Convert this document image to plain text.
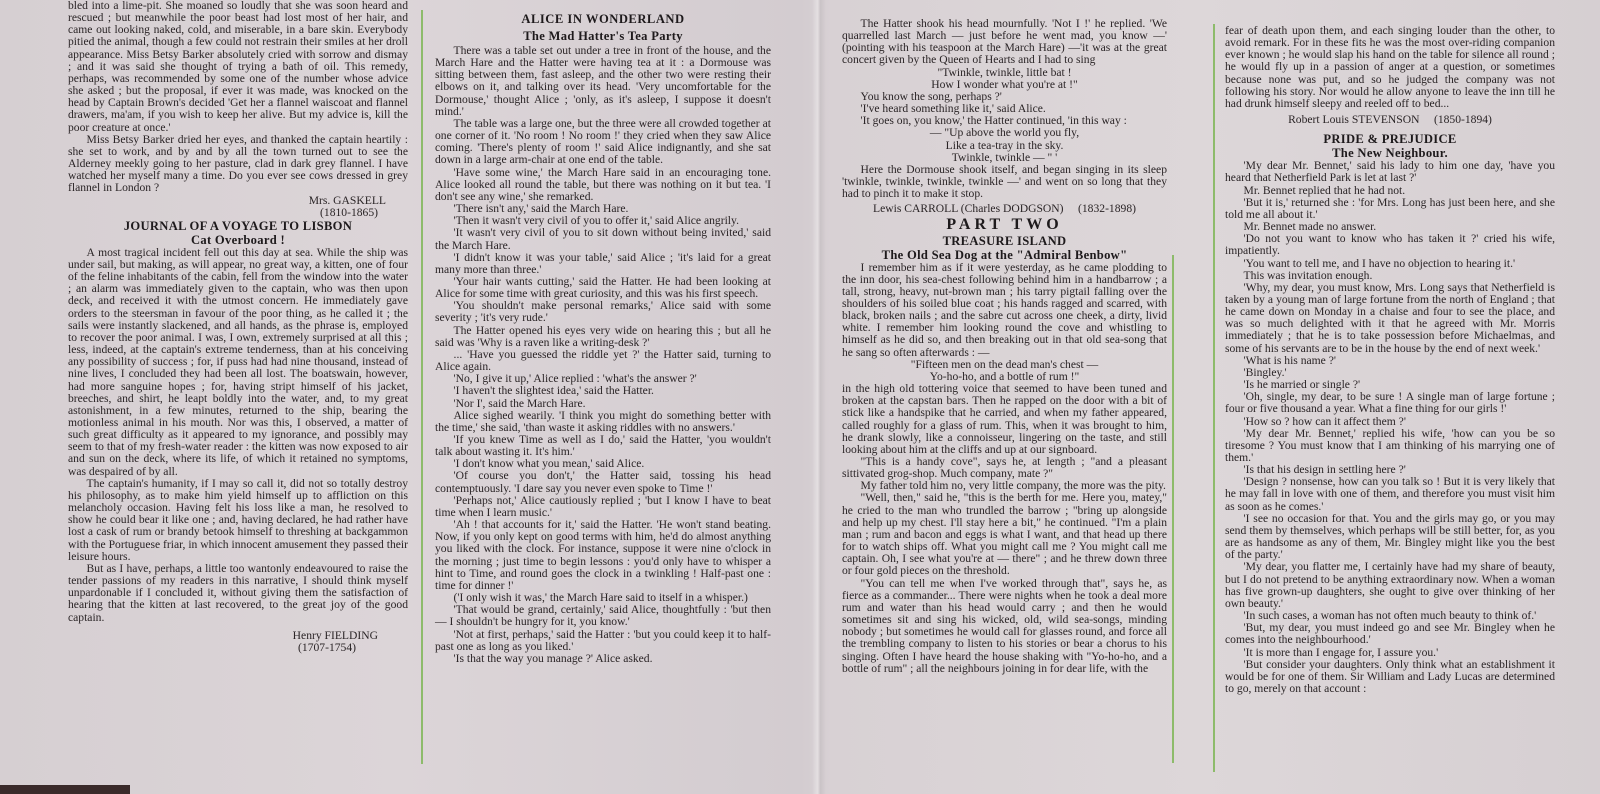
bled into a lime-pit. She moaned so loudly that she was soon heard and rescued ; but meanwhile the poor beast had lost most of her hair, and came out looking naked, cold, and miserable, in a bare skin. Everybody pitied the animal, though a few could not restrain their smiles at her droll appearance. Miss Betsy Barker absolutely cried with sorrow and dismay ; and it was said she thought of trying a bath of oil. This remedy, perhaps, was recommended by some one of the number whose advice she asked ; but the proposal, if ever it was made, was knocked on the head by Captain Brown's decided 'Get her a flannel waiscoat and flannel drawers, ma'am, if you wish to keep her alive. But my advice is, kill the poor creature at once.'

Miss Betsy Barker dried her eyes, and thanked the captain heartily : she set to work, and by and by all the town turned out to see the Alderney meekly going to her pasture, clad in dark grey flannel. I have watched her myself many a time. Do you ever see cows dressed in grey flannel in London ?

Mrs. GASKELL

(1810-1865)

JOURNAL OF A VOYAGE TO LISBON
Cat Overboard !

A most tragical incident fell out this day at sea. While the ship was under sail, but making, as will appear, no great way, a kitten, one of four of the feline inhabitants of the cabin, fell from the window into the water ; an alarm was immediately given to the captain, who was then upon deck, and received it with the utmost concern. He immediately gave orders to the steersman in favour of the poor thing, as he called it ; the sails were instantly slackened, and all hands, as the phrase is, employed to recover the poor animal. I was, I own, extremely surprised at all this ; less, indeed, at the captain's extreme tenderness, than at his conceiving any possibility of success ; for, if puss had had nine thousand, instead of nine lives, I concluded they had been all lost. The boatswain, however, had more sanguine hopes ; for, having stript himself of his jacket, breeches, and shirt, he leapt boldly into the water, and, to my great astonishment, in a few minutes, returned to the ship, bearing the motionless animal in his mouth. Nor was this, I observed, a matter of such great difficulty as it appeared to my ignorance, and possibly may seem to that of my fresh-water reader : the kitten was now exposed to air and sun on the deck, where its life, of which it retained no symptoms, was despaired of by all.

The captain's humanity, if I may so call it, did not so totally destroy his philosophy, as to make him yield himself up to affliction on this melancholy occasion. Having felt his loss like a man, he resolved to show he could bear it like one ; and, having declared, he had rather have lost a cask of rum or brandy betook himself to threshing at backgammon with the Portuguese friar, in which innocent amusement they passed their leisure hours.

But as I have, perhaps, a little too wantonly endeavoured to raise the tender passions of my readers in this narrative, I should think myself unpardonable if I concluded it, without giving them the satisfaction of hearing that the kitten at last recovered, to the great joy of the good captain.

Henry FIELDING

(1707-1754)

ALICE IN WONDERLAND
The Mad Hatter's Tea Party

There was a table set out under a tree in front of the house, and the March Hare and the Hatter were having tea at it : a Dormouse was sitting between them, fast asleep, and the other two were resting their elbows on it, and talking over its head. 'Very uncomfortable for the Dormouse,' thought Alice ; 'only, as it's asleep, I suppose it doesn't mind.'

The table was a large one, but the three were all crowded together at one corner of it. 'No room ! No room !' they cried when they saw Alice coming. 'There's plenty of room !' said Alice indignantly, and she sat down in a large arm-chair at one end of the table.

'Have some wine,' the March Hare said in an encouraging tone. Alice looked all round the table, but there was nothing on it but tea. 'I don't see any wine,' she remarked.

'There isn't any,' said the March Hare.

'Then it wasn't very civil of you to offer it,' said Alice angrily.

'It wasn't very civil of you to sit down without being invited,' said the March Hare.

'I didn't know it was your table,' said Alice ; 'it's laid for a great many more than three.'

'Your hair wants cutting,' said the Hatter. He had been looking at Alice for some time with great curiosity, and this was his first speech.

'You shouldn't make personal remarks,' Alice said with some severity ; 'it's very rude.'

The Hatter opened his eyes very wide on hearing this ; but all he said was 'Why is a raven like a writing-desk ?'

... 'Have you guessed the riddle yet ?' the Hatter said, turning to Alice again.

'No, I give it up,' Alice replied : 'what's the answer ?'

'I haven't the slightest idea,' said the Hatter.

'Nor I', said the March Hare.

Alice sighed wearily. 'I think you might do something better with the time,' she said, 'than waste it asking riddles with no answers.'

'If you knew Time as well as I do,' said the Hatter, 'you wouldn't talk about wasting it. It's him.'

'I don't know what you mean,' said Alice.

'Of course you don't,' the Hatter said, tossing his head contemptuously. 'I dare say you never even spoke to Time !'

'Perhaps not,' Alice cautiously replied ; 'but I know I have to beat time when I learn music.'

'Ah ! that accounts for it,' said the Hatter. 'He won't stand beating. Now, if you only kept on good terms with him, he'd do almost anything you liked with the clock. For instance, suppose it were nine o'clock in the morning ; just time to begin lessons : you'd only have to whisper a hint to Time, and round goes the clock in a twinkling ! Half-past one : time for dinner !'

('I only wish it was,' the March Hare said to itself in a whisper.)

'That would be grand, certainly,' said Alice, thoughtfully : 'but then — I shouldn't be hungry for it, you know.'

'Not at first, perhaps,' said the Hatter : 'but you could keep it to half-past one as long as you liked.'

'Is that the way you manage ?' Alice asked.

The Hatter shook his head mournfully. 'Not I !' he replied. 'We quarrelled last March — just before he went mad, you know —' (pointing with his teaspoon at the March Hare) —'it was at the great concert given by the Queen of Hearts and I had to sing

"Twinkle, twinkle, little bat !

How I wonder what you're at !"

You know the song, perhaps ?'

'I've heard something like it,' said Alice.

'It goes on, you know,' the Hatter continued, 'in this way :

— "Up above the world you fly,

Like a tea-tray in the sky.

Twinkle, twinkle — " '

Here the Dormouse shook itself, and began singing in its sleep 'twinkle, twinkle, twinkle, twinkle —' and went on so long that they had to pinch it to make it stop.

Lewis CARROLL (Charles DODGSON)     (1832-1898)

PART TWO
TREASURE ISLAND
The Old Sea Dog at the "Admiral Benbow"

I remember him as if it were yesterday, as he came plodding to the inn door, his sea-chest following behind him in a handbarrow ; a tall, strong, heavy, nut-brown man ; his tarry pigtail falling over the shoulders of his soiled blue coat ; his hands ragged and scarred, with black, broken nails ; and the sabre cut across one cheek, a dirty, livid white. I remember him looking round the cove and whistling to himself as he did so, and then breaking out in that old sea-song that he sang so often afterwards : —

"Fifteen men on the dead man's chest —

Yo-ho-ho, and a bottle of rum !"

in the high old tottering voice that seemed to have been tuned and broken at the capstan bars. Then he rapped on the door with a bit of stick like a handspike that he carried, and when my father appeared, called roughly for a glass of rum. This, when it was brought to him, he drank slowly, like a connoisseur, lingering on the taste, and still looking about him at the cliffs and up at our signboard.

"This is a handy cove", says he, at length ; "and a pleasant sittivated grog-shop. Much company, mate ?"

My father told him no, very little company, the more was the pity.

"Well, then," said he, "this is the berth for me. Here you, matey," he cried to the man who trundled the barrow ; "bring up alongside and help up my chest. I'll stay here a bit," he continued. "I'm a plain man ; rum and bacon and eggs is what I want, and that head up there for to watch ships off. What you might call me ? You might call me captain. Oh, I see what you're at — there" ; and he threw down three or four gold pieces on the threshold.

"You can tell me when I've worked through that", says he, as fierce as a commander... There were nights when he took a deal more rum and water than his head would carry ; and then he would sometimes sit and sing his wicked, old, wild sea-songs, minding nobody ; but sometimes he would call for glasses round, and force all the trembling company to listen to his stories or bear a chorus to his singing. Often I have heard the house shaking with "Yo-ho-ho, and a bottle of rum" ; all the neighbours joining in for dear life, with the

fear of death upon them, and each singing louder than the other, to avoid remark. For in these fits he was the most over-riding companion ever known ; he would slap his hand on the table for silence all round ; he would fly up in a passion of anger at a question, or sometimes because none was put, and so he judged the company was not following his story. Nor would he allow anyone to leave the inn till he had drunk himself sleepy and reeled off to bed...

Robert Louis STEVENSON     (1850-1894)

PRIDE & PREJUDICE
The New Neighbour.

'My dear Mr. Bennet,' said his lady to him one day, 'have you heard that Netherfield Park is let at last ?'

Mr. Bennet replied that he had not.

'But it is,' returned she : 'for Mrs. Long has just been here, and she told me all about it.'

Mr. Bennet made no answer.

'Do not you want to know who has taken it ?' cried his wife, impatiently.

'You want to tell me, and I have no objection to hearing it.'

This was invitation enough.

'Why, my dear, you must know, Mrs. Long says that Netherfield is taken by a young man of large fortune from the north of England ; that he came down on Monday in a chaise and four to see the place, and was so much delighted with it that he agreed with Mr. Morris immediately ; that he is to take possession before Michaelmas, and some of his servants are to be in the house by the end of next week.'

'What is his name ?'

'Bingley.'

'Is he married or single ?'

'Oh, single, my dear, to be sure ! A single man of large fortune ; four or five thousand a year. What a fine thing for our girls !'

'How so ? how can it affect them ?'

'My dear Mr. Bennet,' replied his wife, 'how can you be so tiresome ? You must know that I am thinking of his marrying one of them.'

'Is that his design in settling here ?'

'Design ? nonsense, how can you talk so ! But it is very likely that he may fall in love with one of them, and therefore you must visit him as soon as he comes.'

'I see no occasion for that. You and the girls may go, or you may send them by themselves, which perhaps will be still better, for, as you are as handsome as any of them, Mr. Bingley might like you the best of the party.'

'My dear, you flatter me, I certainly have had my share of beauty, but I do not pretend to be anything extraordinary now. When a woman has five grown-up daughters, she ought to give over thinking of her own beauty.'

'In such cases, a woman has not often much beauty to think of.'

'But, my dear, you must indeed go and see Mr. Bingley when he comes into the neighbourhood.'

'It is more than I engage for, I assure you.'

'But consider your daughters. Only think what an establishment it would be for one of them. Sir William and Lady Lucas are determined to go, merely on that account :
